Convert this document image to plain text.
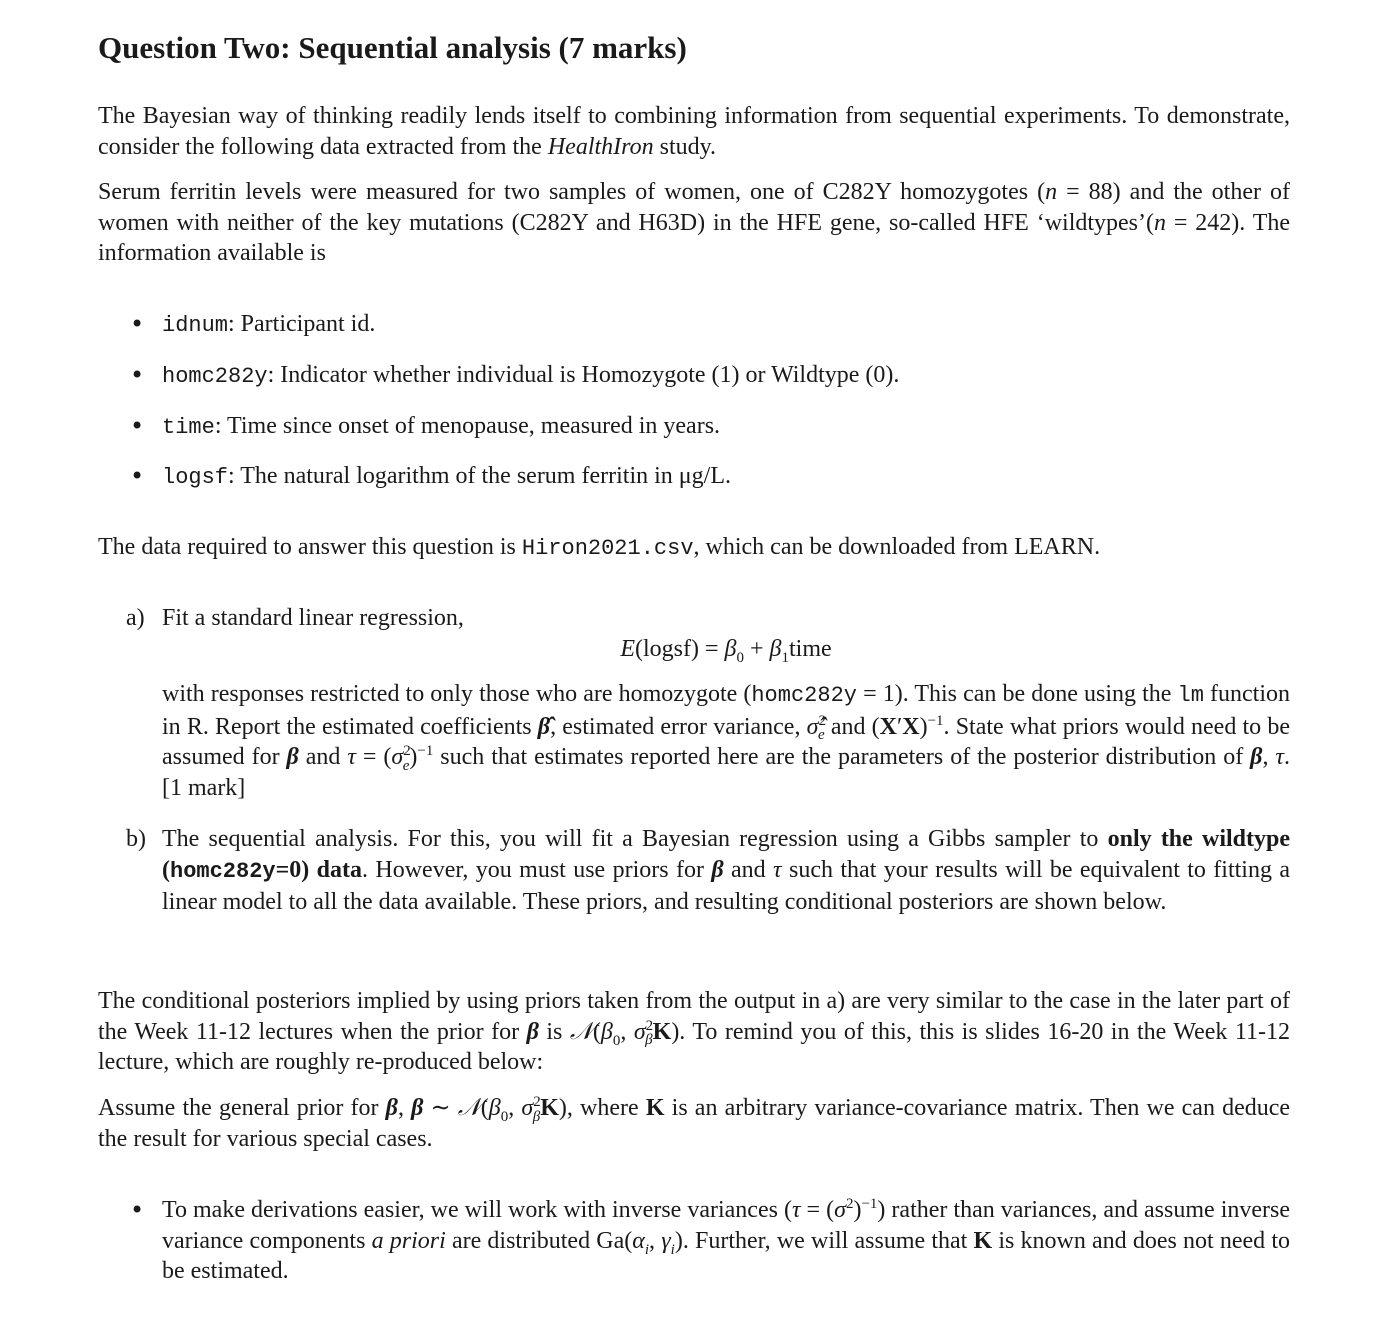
Question Two: Sequential analysis (7 marks)

The Bayesian way of thinking readily lends itself to combining information from sequential experiments. To demonstrate, consider the following data extracted from the HealthIron study.

Serum ferritin levels were measured for two samples of women, one of C282Y homozygotes (n = 88) and the other of women with neither of the key mutations (C282Y and H63D) in the HFE gene, so-called HFE ‘wildtypes’(n = 242). The information available is

• idnum: Participant id.
• homc282y: Indicator whether individual is Homozygote (1) or Wildtype (0).
• time: Time since onset of menopause, measured in years.
• logsf: The natural logarithm of the serum ferritin in μg/L.

The data required to answer this question is Hiron2021.csv, which can be downloaded from LEARN.

a) Fit a standard linear regression,
E(logsf) = $\beta_0$ + $\beta_1time$

with responses restricted to only those who are homozygote (homc282y = 1). This can be done using the lm function in R. Report the estimated coefficients β̂, estimated error variance, σ̂$^2_e$ and $(X'X)^{-1}$. State what priors would need to be assumed for β and $\tau = (\sigma^2_e)^{-1}$ such that estimates reported here are the parameters of the posterior distribution of β, τ. [1 mark]

b) The sequential analysis. For this, you will fit a Bayesian regression using a Gibbs sampler to only the wildtype (homc282y=0) data. However, you must use priors for β and τ such that your results will be equivalent to fitting a linear model to all the data available. These priors, and resulting conditional posteriors are shown below.

The conditional posteriors implied by using priors taken from the output in a) are very similar to the case in the later part of the Week 11-12 lectures when the prior for β is $𝒩(\beta_0$, $\sigma^2_\beta K$). To remind you of this, this is slides 16-20 in the Week 11-12 lecture, which are roughly re-produced below:

Assume the general prior for β, β ∼ $𝒩(\beta_0$, $\sigma^2_\beta K$), where K is an arbitrary variance-covariance matrix. Then we can deduce the result for various special cases.

• To make derivations easier, we will work with inverse variances $(\tau = (\sigma^2)^{-1})$ rather than variances, and assume inverse variance components a priori are distributed $Ga(\alpha_i$, $\gamma_i$). Further, we will assume that K is known and does not need to be estimated.
